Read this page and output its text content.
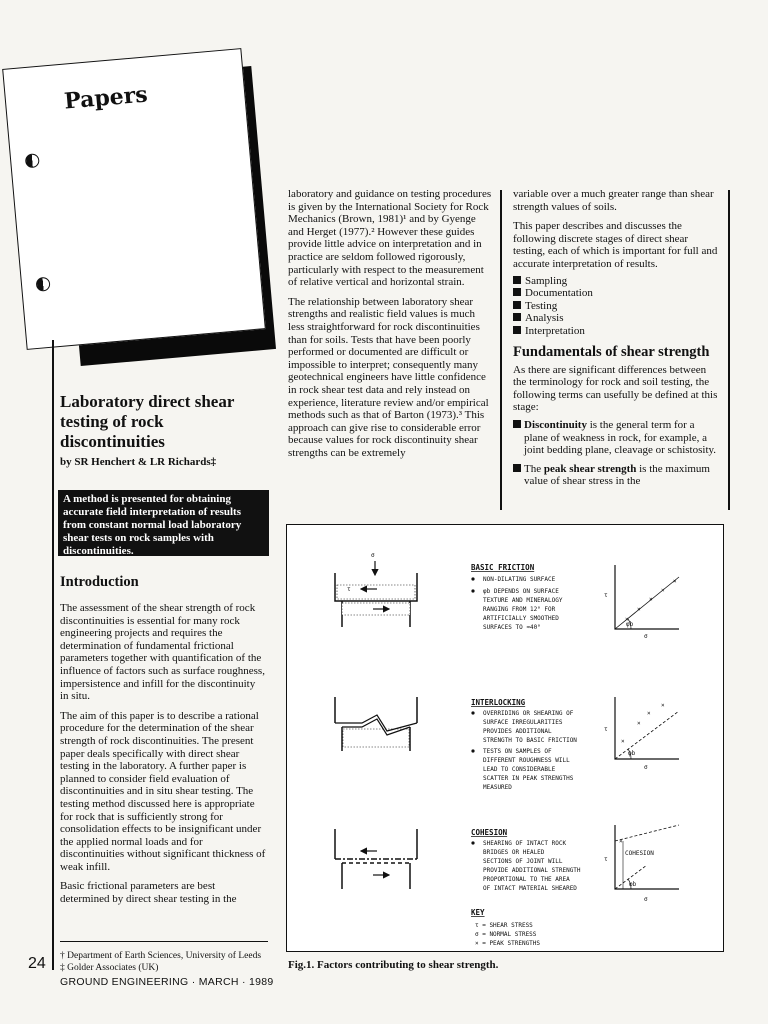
Papers
Laboratory direct shear testing of rock discontinuities
by SR Henchert & LR Richards‡
A method is presented for obtaining accurate field interpretation of results from constant normal load laboratory shear tests on rock samples with discontinuities.
Introduction

The assessment of the shear strength of rock discontinuities is essential for many rock engineering projects and requires the determination of fundamental frictional parameters together with quantification of the influence of factors such as surface roughness, impersistence and infill for the discontinuity in situ.

The aim of this paper is to describe a rational procedure for the determination of the shear strength of rock discontinuities. The present paper deals specifically with direct shear testing in the laboratory. A further paper is planned to consider field evaluation of discontinuities and in situ shear testing. The testing method discussed here is appropriate for rock that is sufficiently strong for consolidation effects to be insignificant under the applied normal loads and for discontinuities without significant thickness of weak infill.

Basic frictional parameters are best determined by direct shear testing in the

† Department of Earth Sciences, University of Leeds
‡ Golder Associates (UK)
24
GROUND ENGINEERING · MARCH · 1989

laboratory and guidance on testing procedures is given by the International Society for Rock Mechanics (Brown, 1981)¹ and by Gyenge and Herget (1977).² However these guides provide little advice on interpretation and in practice are seldom followed rigorously, particularly with respect to the measurement of relative vertical and horizontal strain.

The relationship between laboratory shear strengths and realistic field values is much less straightforward for rock discontinuities than for soils. Tests that have been poorly performed or documented are difficult or impossible to interpret; consequently many geotechnical engineers have little confidence in rock shear test data and rely instead on experience, literature review and/or empirical methods such as that of Barton (1973).³ This approach can give rise to considerable error because values for rock discontinuity shear strengths can be extremely

variable over a much greater range than shear strength values of soils.

This paper describes and discusses the following discrete stages of direct shear testing, each of which is important for full and accurate interpretation of results.

Sampling
Documentation
Testing
Analysis
Interpretation
Fundamentals of shear strength

As there are significant differences between the terminology for rock and soil testing, the following terms can usefully be defined at this stage:

Discontinuity is the general term for a plane of weakness in rock, for example, a joint bedding plane, cleavage or schistosity.
The peak shear strength is the maximum value of shear stress in the
σ
τ
BASIC FRICTION
NON-DILATING SURFACE
φb DEPENDS ON SURFACE
TEXTURE AND MINERALOGY
RANGING FROM 12° FOR
ARTIFICIALLY SMOOTHED
SURFACES TO ≈40°
τ
σ
φb
×
×
×
×
×
INTERLOCKING
OVERRIDING OR SHEARING OF
SURFACE IRREGULARITIES
PROVIDES ADDITIONAL
STRENGTH TO BASIC FRICTION
TESTS ON SAMPLES OF
DIFFERENT ROUGHNESS WILL
LEAD TO CONSIDERABLE
SCATTER IN PEAK STRENGTHS
MEASURED
τ
σ
φb
×
×
×
×
COHESION
SHEARING OF INTACT ROCK
BRIDGES OR HEALED
SECTIONS OF JOINT WILL
PROVIDE ADDITIONAL STRENGTH
PROPORTIONAL TO THE AREA
OF INTACT MATERIAL SHEARED
τ
σ
COHESION
φb
×
KEY
τ = SHEAR STRESS
σ = NORMAL STRESS
× = PEAK STRENGTHS
Fig.1. Factors contributing to shear strength.
